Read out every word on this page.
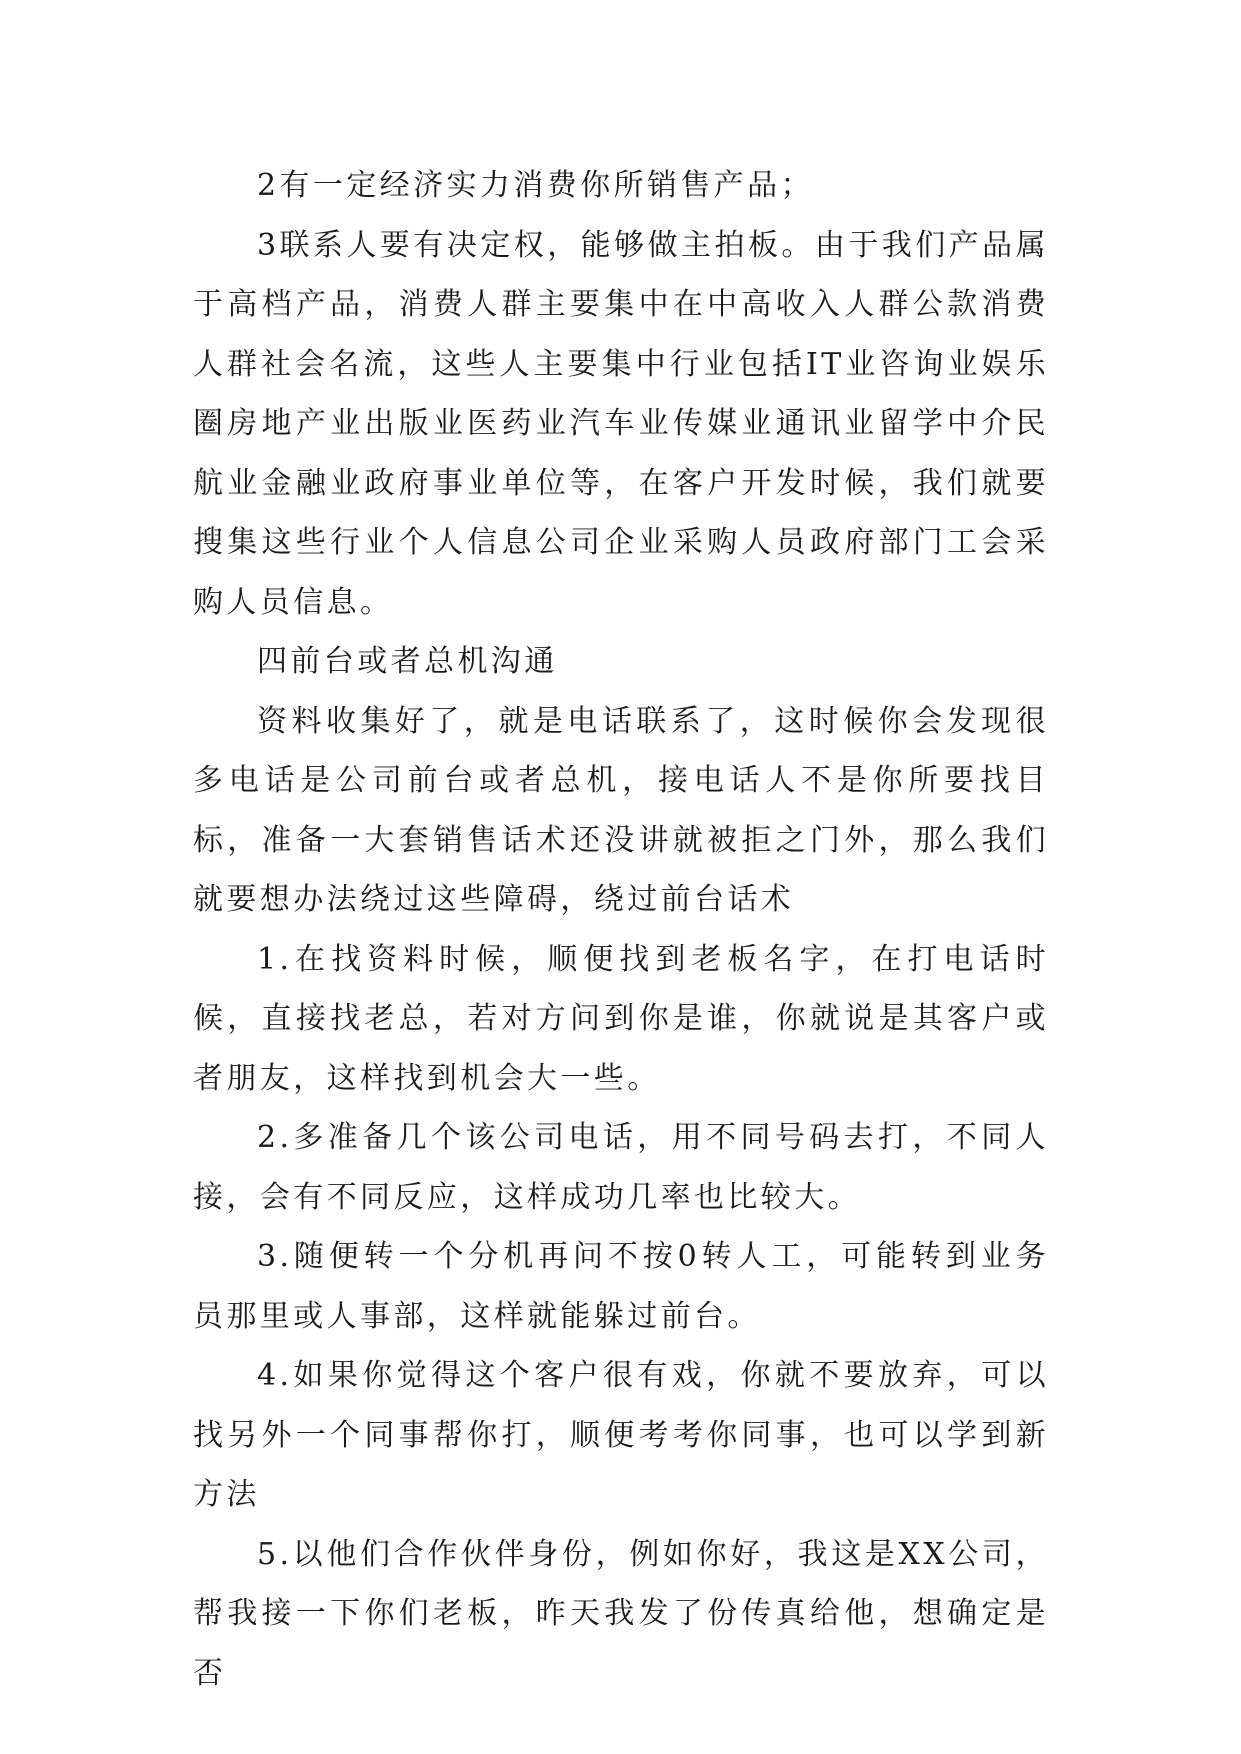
2有一定经济实力消费你所销售产品；

3联系人要有决定权，能够做主拍板。由于我们产品属于高档产品，消费人群主要集中在中高收入人群公款消费人群社会名流，这些人主要集中行业包括IT业咨询业娱乐圈房地产业出版业医药业汽车业传媒业通讯业留学中介民航业金融业政府事业单位等，在客户开发时候，我们就要搜集这些行业个人信息公司企业采购人员政府部门工会采购人员信息。

四前台或者总机沟通

资料收集好了，就是电话联系了，这时候你会发现很多电话是公司前台或者总机，接电话人不是你所要找目标，准备一大套销售话术还没讲就被拒之门外，那么我们就要想办法绕过这些障碍，绕过前台话术

1.在找资料时候，顺便找到老板名字，在打电话时候，直接找老总，若对方问到你是谁，你就说是其客户或者朋友，这样找到机会大一些。

2.多准备几个该公司电话，用不同号码去打，不同人接，会有不同反应，这样成功几率也比较大。

3.随便转一个分机再问不按0转人工，可能转到业务员那里或人事部，这样就能躲过前台。

4.如果你觉得这个客户很有戏，你就不要放弃，可以找另外一个同事帮你打，顺便考考你同事，也可以学到新方法

5.以他们合作伙伴身份，例如你好，我这是XX公司，帮我接一下你们老板，昨天我发了份传真给他，想确定是否
